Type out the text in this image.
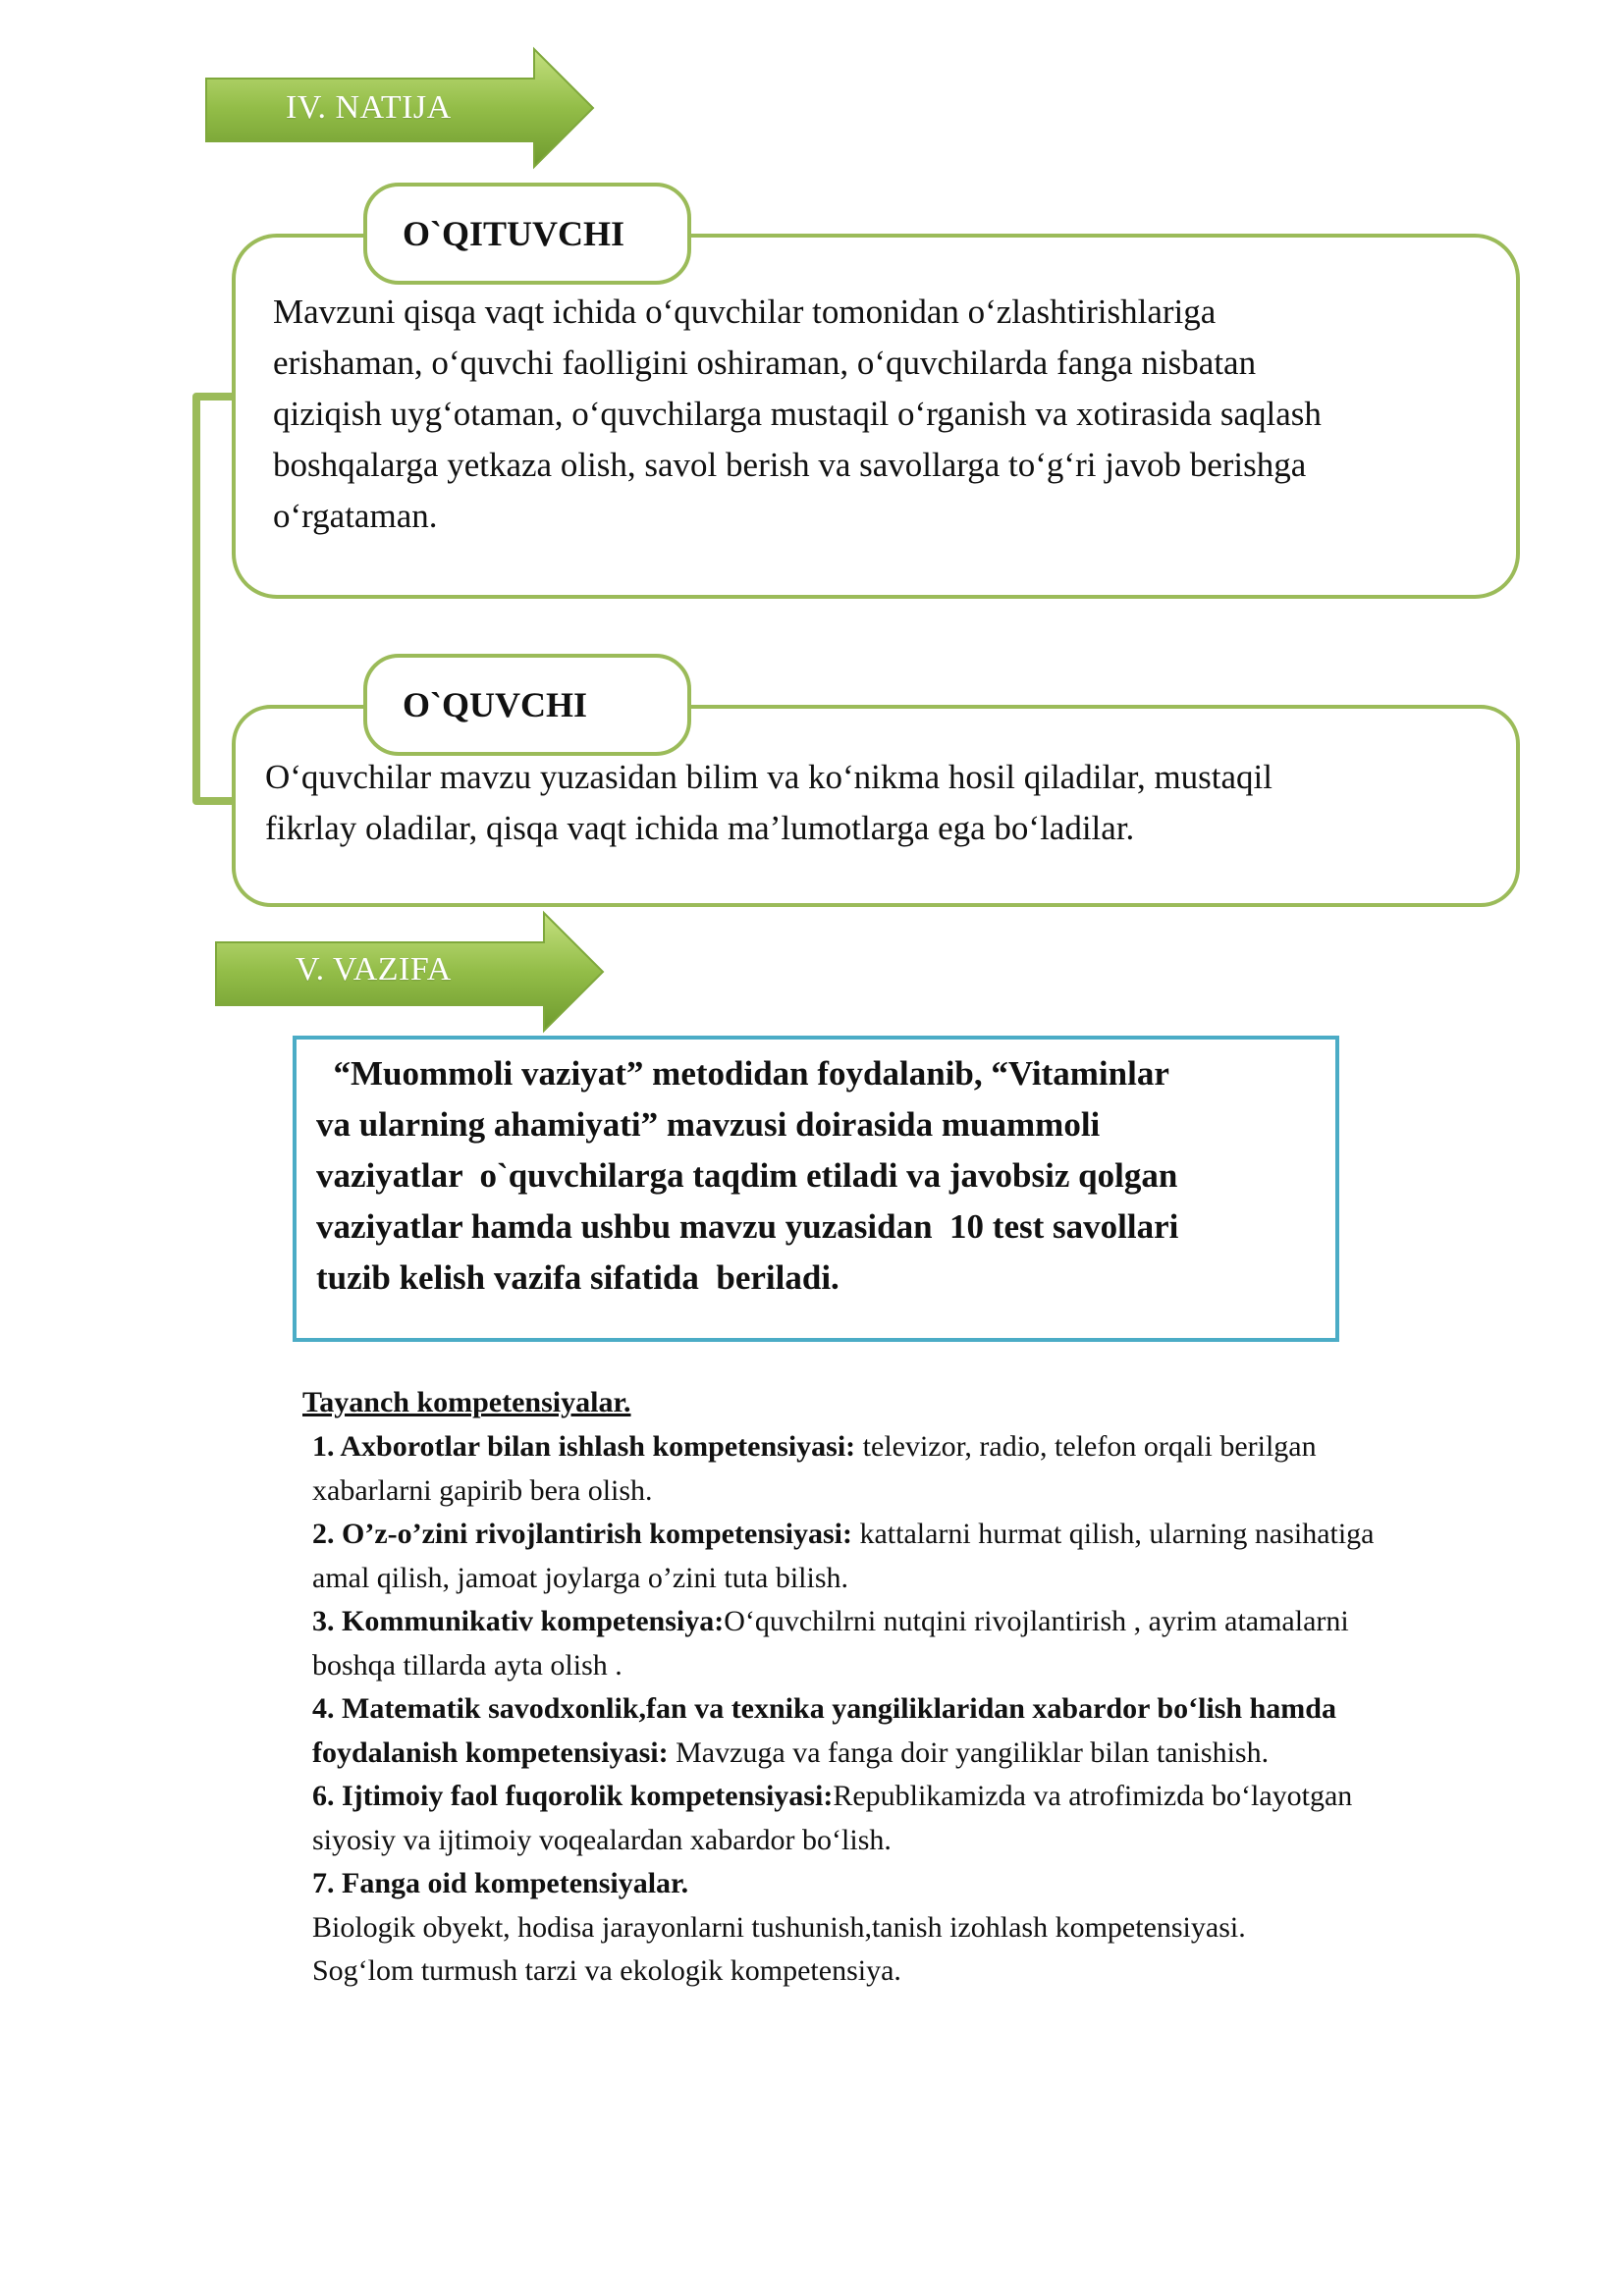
IV. NATIJA
O`QITUVCHI
Mavzuni qisqa vaqt ichida o‘quvchilar tomonidan o‘zlashtirishlariga
erishaman, o‘quvchi faolligini oshiraman, o‘quvchilarda fanga nisbatan
qiziqish uyg‘otaman, o‘quvchilarga mustaqil o‘rganish va xotirasida saqlash
boshqalarga yetkaza olish, savol berish va savollarga to‘g‘ri javob berishga
o‘rgataman.
O`QUVCHI
O‘quvchilar mavzu yuzasidan bilim va ko‘nikma hosil qiladilar, mustaqil
fikrlay oladilar, qisqa vaqt ichida ma’lumotlarga ega bo‘ladilar.
V. VAZIFA
“Muommoli vaziyat” metodidan foydalanib, “Vitaminlar
va ularning ahamiyati” mavzusi doirasida muammoli
vaziyatlar  o`quvchilarga taqdim etiladi va javobsiz qolgan
vaziyatlar hamda ushbu mavzu yuzasidan  10 test savollari
tuzib kelish vazifa sifatida  beriladi.
Tayanch kompetensiyalar.

1. Axborotlar bilan ishlash kompetensiyasi: televizor, radio, telefon orqali berilgan

xabarlarni gapirib bera olish.

2. O’z-o’zini rivojlantirish kompetensiyasi: kattalarni hurmat qilish, ularning nasihatiga

amal qilish, jamoat joylarga o’zini tuta bilish.

3. Kommunikativ kompetensiya:O‘quvchilrni nutqini rivojlantirish , ayrim atamalarni

boshqa tillarda ayta olish .

4. Matematik savodxonlik,fan va texnika yangiliklaridan xabardor bo‘lish hamda

foydalanish kompetensiyasi: Mavzuga va fanga doir yangiliklar bilan tanishish.

6. Ijtimoiy faol fuqorolik kompetensiyasi:Republikamizda va atrofimizda bo‘layotgan

siyosiy va ijtimoiy voqealardan xabardor bo‘lish.

7. Fanga oid kompetensiyalar.

Biologik obyekt, hodisa jarayonlarni tushunish,tanish izohlash kompetensiyasi.

Sog‘lom turmush tarzi va ekologik kompetensiya.
